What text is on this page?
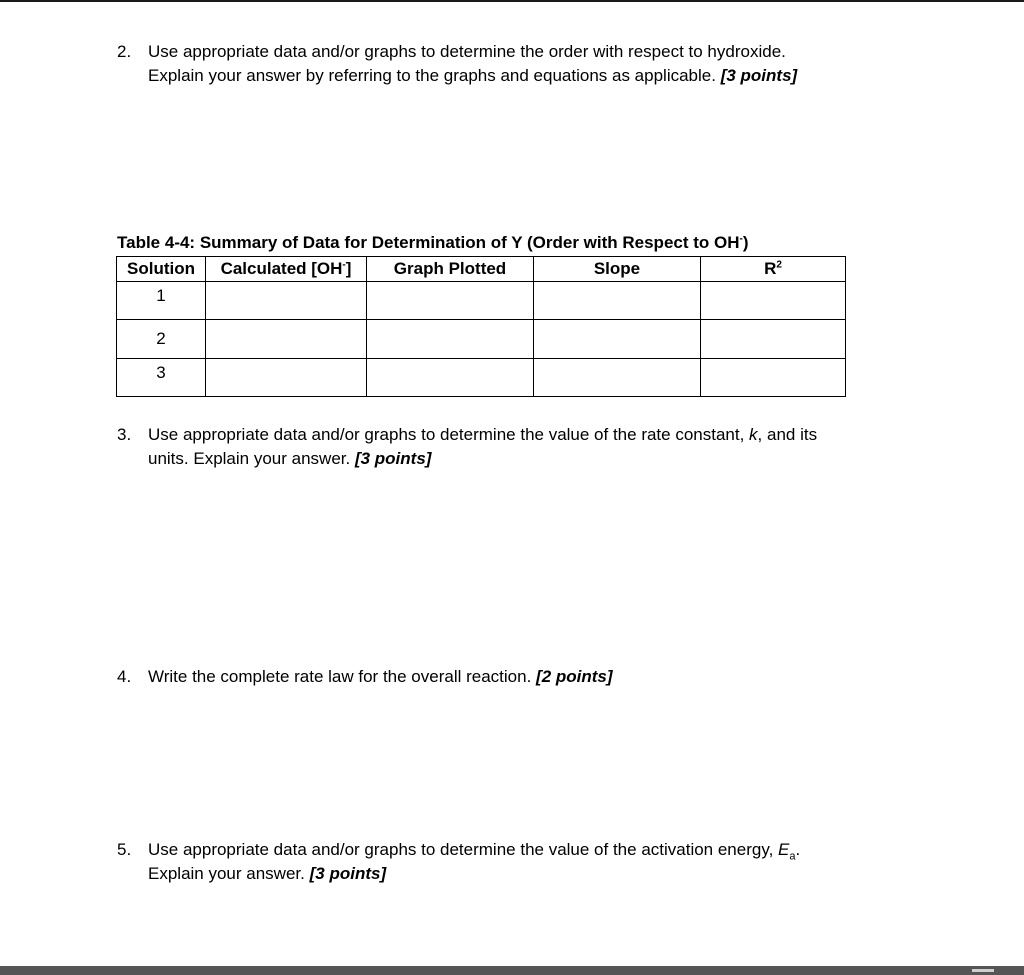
2. Use appropriate data and/or graphs to determine the order with respect to hydroxide.
Explain your answer by referring to the graphs and equations as applicable. [3 points]
Table 4-4: Summary of Data for Determination of Y (Order with Respect to OH-)
Solution	Calculated [OH-]	Graph Plotted	Slope	$R^2$
1				
2				
3				
3. Use appropriate data and/or graphs to determine the value of the rate constant, k, and its
units. Explain your answer. [3 points]
4. Write the complete rate law for the overall reaction. [2 points]
5. Use appropriate data and/or graphs to determine the value of the activation energy, $E_a$.
Explain your answer. [3 points]
